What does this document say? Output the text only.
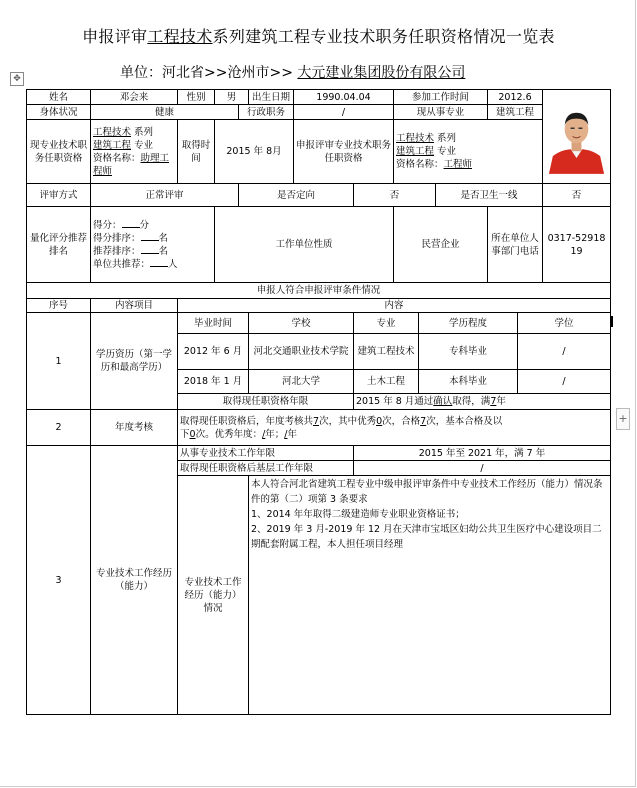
申报评审工程技术系列建筑工程专业技术职务任职资格情况一览表
单位：河北省>>沧州市>> 大元建业集团股份有限公司
✥
+
姓名	邓会来	性别	男		出生日期	1990.04.04		参加工作时间			2012.6	
身体状况	健康			行政职务		/		现从事专业			建筑工程		
现专业技术职务任职资格	工程技术 系列
建筑工程 专业
资格名称：助理工程师	取得时间	2015 年 8月			申报评审专业技术职务任职资格		工程技术 系列
建筑工程 专业
资格名称：工程师					
评审方式	正常评审			是否定向			否			是否卫生一线			否
量化评分推荐排名	得分： 分
得分排序： 名
推荐排序： 名
单位共推荐： 人		工作单位性质					民营企业			所在单位人事部门电话		0317-5291819
申报人符合申报评审条件情况													
序号	内容项目	内容											
1	学历资历（第一学历和最高学历）	毕业时间			学校		专业		学历程度			学位	
		2012 年 6 月			河北交通职业技术学院		建筑工程技术		专科毕业			/	
		2018 年 1 月			河北大学		土木工程		本科毕业			/	
		取得现任职资格年限					2015 年 8 月通过确认取得，满7年						
2	年度考核	取得现任职资格后，年度考核共7次，其中优秀0次，合格7次，基本合格及以
下0次。优秀年度：/年；/年											
3	专业技术工作经历（能力）	从事专业技术工作年限					2015 年至 2021 年，满 7 年						
		取得现任职资格后基层工作年限					/						
		专业技术工作经历（能力）情况			本人符合河北省建筑工程专业中级申报评审条件中专业技术工作经历（能力）情况条件的第（二）项第 3 条要求
1、2014 年年取得二级建造师专业职业资格证书；
2、2019 年 3 月-2019 年 12 月在天津市宝坻区妇幼公共卫生医疗中心建设项目二期配套附属工程，本人担任项目经理								
